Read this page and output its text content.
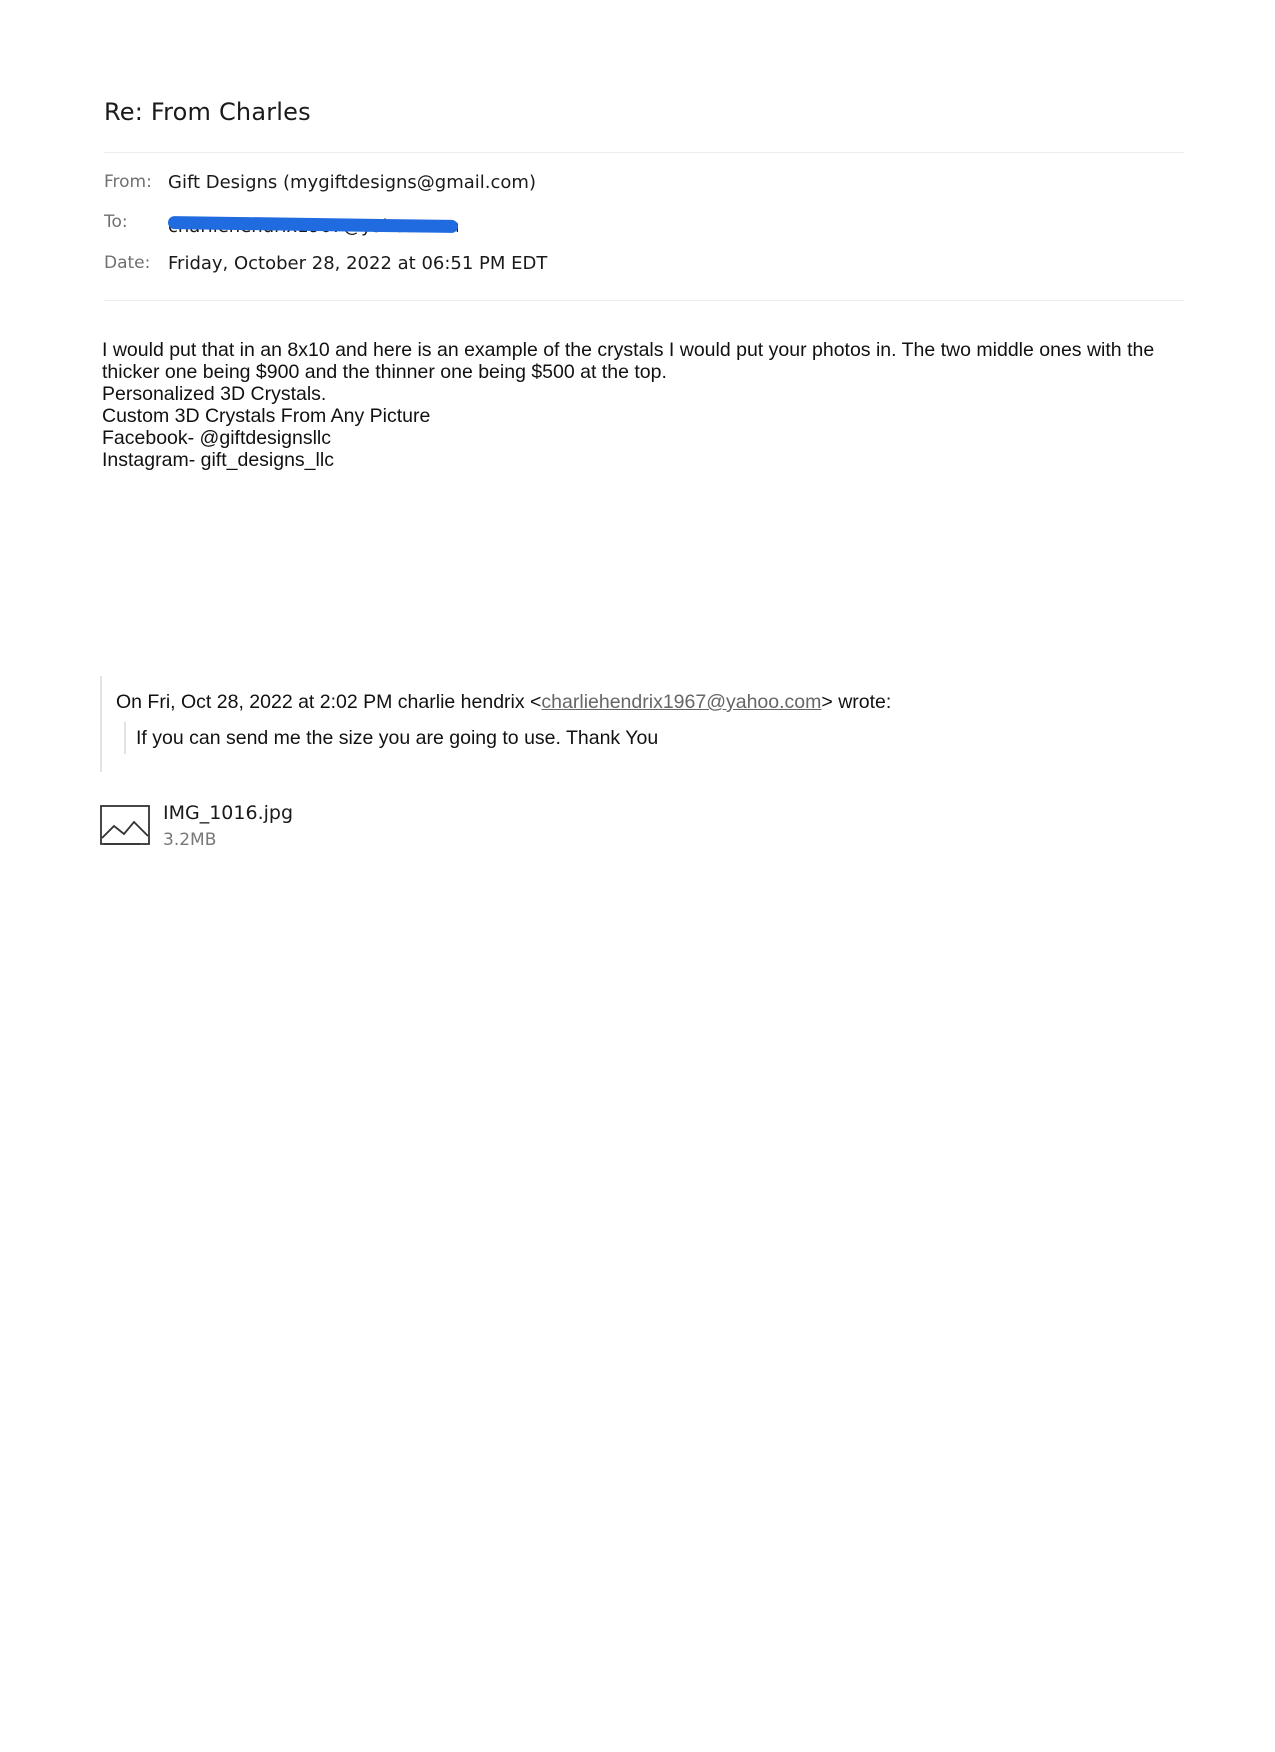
Re: From Charles
From: Gift Designs (mygiftdesigns@gmail.com)
To:
Date: Friday, October 28, 2022 at 06:51 PM EDT

I would put that in an 8x10 and here is an example of the crystals I would put your photos in. The two middle ones with the thicker one being $900 and the thinner one being $500 at the top.

Personalized 3D Crystals.

Custom 3D Crystals From Any Picture

Facebook- @giftdesignsllc

Instagram- gift_designs_llc

On Fri, Oct 28, 2022 at 2:02 PM charlie hendrix <charliehendrix1967@yahoo.com> wrote:
If you can send me the size you are going to use. Thank You
IMG_1016.jpg
3.2MB
